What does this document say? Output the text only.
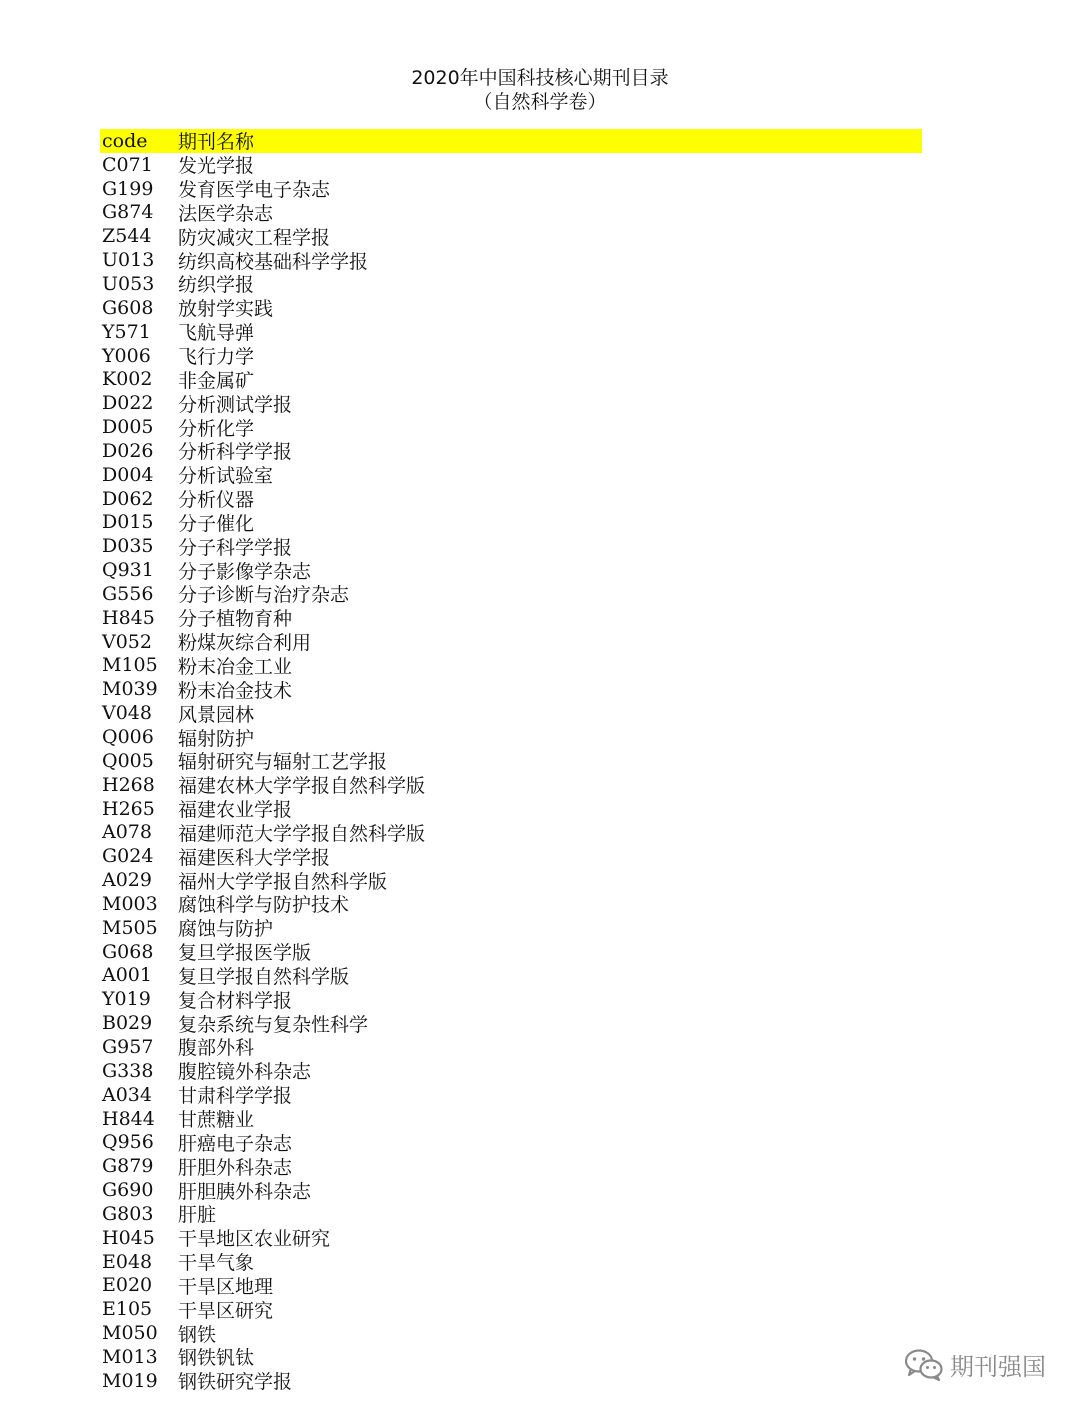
2020年中国科技核心期刊目录
（自然科学卷）
code	期刊名称
C071	发光学报
G199	发育医学电子杂志
G874	法医学杂志
Z544	防灾减灾工程学报
U013	纺织高校基础科学学报
U053	纺织学报
G608	放射学实践
Y571	飞航导弹
Y006	飞行力学
K002	非金属矿
D022	分析测试学报
D005	分析化学
D026	分析科学学报
D004	分析试验室
D062	分析仪器
D015	分子催化
D035	分子科学学报
Q931	分子影像学杂志
G556	分子诊断与治疗杂志
H845	分子植物育种
V052	粉煤灰综合利用
M105	粉末冶金工业
M039	粉末冶金技术
V048	风景园林
Q006	辐射防护
Q005	辐射研究与辐射工艺学报
H268	福建农林大学学报自然科学版
H265	福建农业学报
A078	福建师范大学学报自然科学版
G024	福建医科大学学报
A029	福州大学学报自然科学版
M003	腐蚀科学与防护技术
M505	腐蚀与防护
G068	复旦学报医学版
A001	复旦学报自然科学版
Y019	复合材料学报
B029	复杂系统与复杂性科学
G957	腹部外科
G338	腹腔镜外科杂志
A034	甘肃科学学报
H844	甘蔗糖业
Q956	肝癌电子杂志
G879	肝胆外科杂志
G690	肝胆胰外科杂志
G803	肝脏
H045	干旱地区农业研究
E048	干旱气象
E020	干旱区地理
E105	干旱区研究
M050	钢铁
M013	钢铁钒钛
M019	钢铁研究学报
期刊强国
